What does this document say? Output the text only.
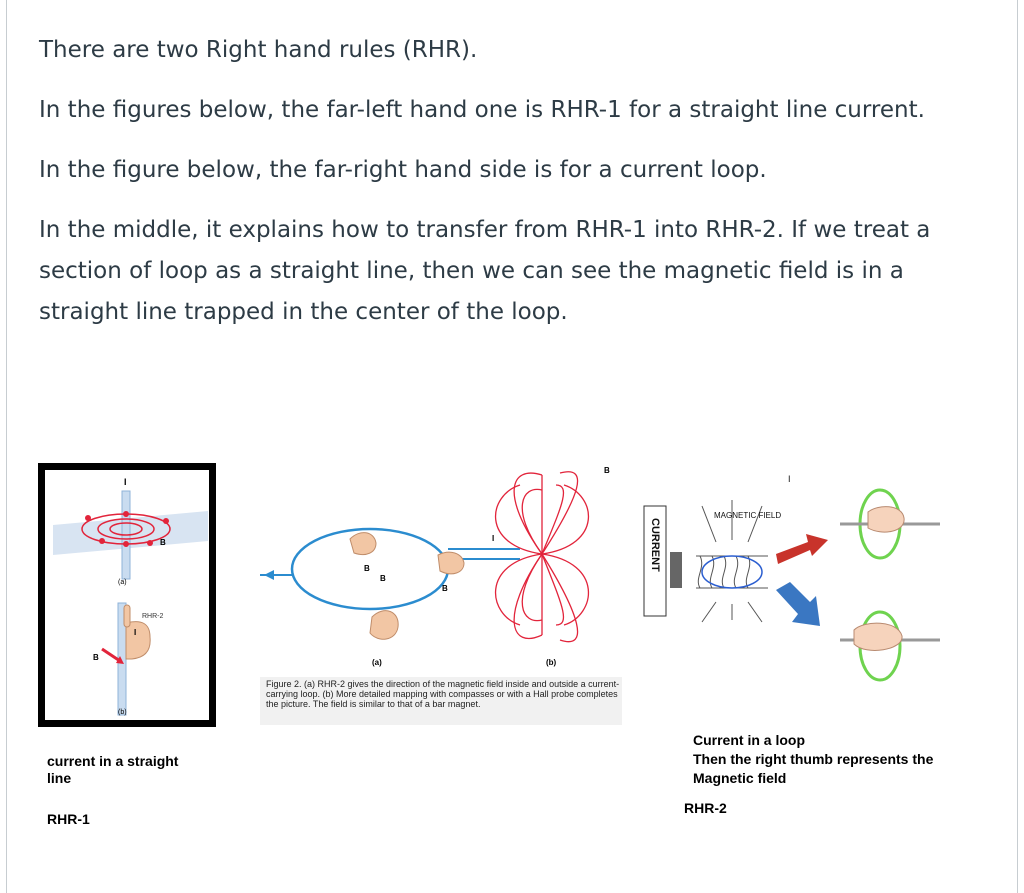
There are two Right hand rules (RHR).

In the figures below, the far-left hand one is RHR-1 for a straight line current.

In the figure below, the far-right hand side is for a current loop.

In the middle, it explains how to transfer from RHR-1 into RHR-2. If we treat a section of loop as a straight line, then we can see the magnetic field is in a straight line trapped in the center of the loop.

I
B
(a)
RHR-2
B
I
(b)
B
B
B
I
B
(a)	(b)
Figure 2. (a) RHR-2 gives the direction of the magnetic field inside and outside a current-carrying loop. (b) More detailed mapping with compasses or with a Hall probe completes the picture. The field is similar to that of a bar magnet.
CURRENT
MAGNETIC FIELD
I
current in a straight
line
RHR-1
Current in a loop
Then the right thumb represents the
Magnetic field
RHR-2
